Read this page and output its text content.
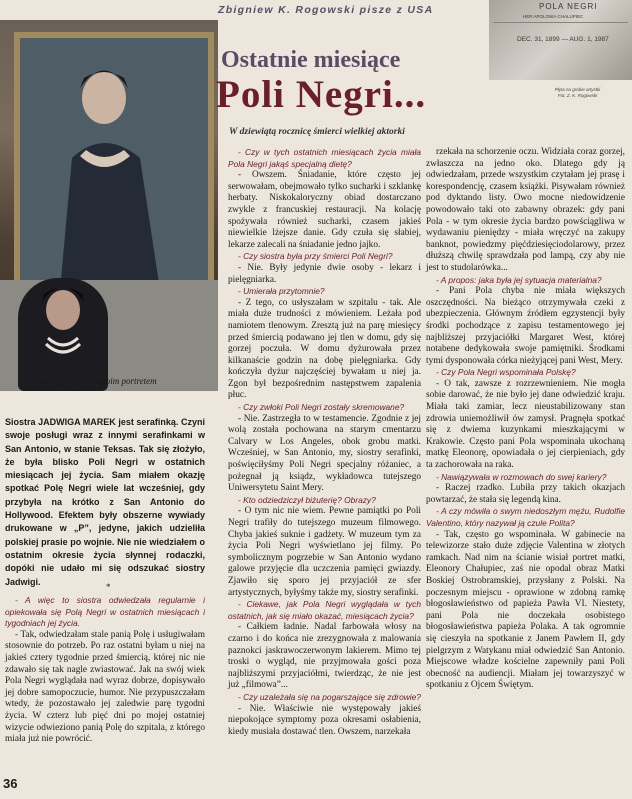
Zbigniew K. Rogowski pisze z USA	POLA NEGRI
HER APOLONIA CHALUPIEC
DEC. 31, 1899 — AUG. 1, 1987
Płyta na grobie artystki
Fot. Z. K. Rogowski
Pola Negri przed swoim portretem
Ostatnie miesiące
Poli Negri...
W dziewiątą rocznicę śmierci wielkiej aktorki
Siostra JADWIGA MAREK jest serafinką. Czyni swoje posługi wraz z innymi serafinkami w San Antonio, w stanie Teksas. Tak się złożyło, że była blisko Poli Negri w ostatnich miesiącach jej życia. Sam miałem okazję spotkać Polę Negri wiele lat wcześniej, gdy przybyła na krótko z San Antonio do Hollywood. Efektem były obszerne wywiady drukowane w „P”, jedyne, jakich udzieliła polskiej prasie po wojnie. Nie nie wiedziałem o ostatnim okresie życia słynnej rodaczki, dopóki nie udało mi się odszukać siostry Jadwigi.
*

- A więc to siostra odwiedzała regularnie i opiekowała się Polą Negri w ostatnich miesiącach i tygodniach jej życia.

- Tak, odwiedzałam stale panią Polę i usługiwałam stosownie do potrzeb. Po raz ostatni byłam u niej na jakieś cztery tygodnie przed śmiercią, której nic nie zdawało się tak nagle zwiastować. Jak na swój wiek Pola Negri wyglądała nad wyraz dobrze, dopisywało jej dobre samopoczucie, humor. Nie przypuszczałam wtedy, że pozostawało jej zaledwie parę tygodni życia. W czterz lub pięć dni po mojej ostatniej wizycie odwieziono panią Polę do szpitala, z którego miała już nie powrócić.

- Czy w tych ostatnich miesiącach życia miała Pola Negri jakąś specjalną dietę?

- Owszem. Śniadanie, które często jej serwowałam, obejmowało tylko sucharki i szklankę herbaty. Niskokaloryczny obiad dostarczano zwykle z francuskiej restauracji. Na kolację spożywała również sucharki, czasem jakieś niewielkie lżejsze danie. Gdy czuła się słabiej, lekarze zalecali na śniadanie jedno jajko.

- Czy siostra była przy śmierci Poli Negri?

- Nie. Były jedynie dwie osoby - lekarz i pielęgniarka.

- Umierała przytomnie?

- Z tego, co usłyszałam w szpitalu - tak. Ale miała duże trudności z mówieniem. Leżała pod namiotem tlenowym. Zresztą już na parę miesięcy przed śmiercią podawano jej tlen w domu, gdy się gorzej poczuła. W domu dyżurowała przez kilkanaście godzin na dobę pielęgniarka. Gdy kończyła dyżur najczęściej bywałam u niej ja. Zgon był bezpośrednim następstwem zapalenia płuc.

- Czy zwłoki Poli Negri zostały skremowane?

- Nie. Zastrzegła to w testamencie. Zgodnie z jej wolą została pochowana na starym cmentarzu Calvary w Los Angeles, obok grobu matki. Wcześniej, w San Antonio, my, siostry serafinki, poświęciłyśmy Poli Negri specjalny różaniec, a pożegnał ją ksiądz, wykładowca tutejszego Uniwersytetu Saint Mery.

- Kto odziedziczył biżuterię? Obrazy?

- O tym nic nie wiem. Pewne pamiątki po Poli Negri trafiły do tutejszego muzeum filmowego. Chyba jakieś suknie i gadżety. W muzeum tym za życia Poli Negri wyświetlano jej filmy. Po symbolicznym pogrzebie w San Antonio wydano galowe przyjęcie dla uczczenia pamięci gwiazdy. Zjawiło się sporo jej przyjaciół ze sfer artystycznych, byłyśmy także my, siostry serafinki.

- Ciekawe, jak Pola Negri wyglądała w tych ostatnich, jak się miało okazać, miesiącach życia?

- Całkiem ładnie. Nadal farbowała włosy na czarno i do końca nie zrezygnowała z malowania paznokci jaskrawoczerwonym lakierem. Mimo tej troski o wygląd, nie przyjmowała gości poza najbliższymi przyjaciółmi, twierdząc, że nie jest już „filmowa”...

- Czy uzależała się na pogarszające się zdrowie?

- Nie. Właściwie nie występowały jakieś niepokojące symptomy poza okresami osłabienia, kiedy musiała dostawać tlen. Owszem, narzekała

rzekała na schorzenie oczu. Widziała coraz gorzej, zwłaszcza na jedno oko. Dlatego gdy ją odwiedzałam, przede wszystkim czytałam jej prasę i korespondencję, czasem książki. Pisywałam również pod dyktando listy. Owo mocne niedowidzenie powodowało taki oto zabawny obrazek: gdy pani Pola - w tym okresie życia bardzo powściągliwa w wydawaniu pieniędzy - miała wręczyć na zakupy banknot, powiedzmy pięćdziesięciodolarowy, przez dłuższą chwilę sprawdzała pod lampą, czy aby nie jest to studolarówka...

- A propos: jaka była jej sytuacja materialna?

- Pani Pola chyba nie miała większych oszczędności. Na bieżąco otrzymywała czeki z ubezpieczenia. Głównym źródłem egzystencji były środki pochodzące z zapisu testamentowego jej najbliższej przyjaciółki Margaret West, której notabene dedykowała swoje pamiętniki. Środkami tymi dysponowała córka nieżyjącej pani West, Mery.

- Czy Pola Negri wspominała Polskę?

- O tak, zawsze z rozrzewnieniem. Nie mogła sobie darować, że nie było jej dane odwiedzić kraju. Miała taki zamiar, lecz nieustabilizowany stan zdrowia uniemożliwił ów zamysł. Pragnęła spotkać się z dwiema kuzynkami mieszkającymi w Krakowie. Często pani Pola wspominała ukochaną matkę Eleonorę, opowiadała o jej cierpieniach, gdy ta zachorowała na raka.

- Nawiązywała w rozmowach do swej kariery?

- Raczej rzadko. Lubiła przy takich okazjach powtarzać, że stała się legendą kina.

- A czy mówiła o swym niedoszłym mężu, Rudolfie Valentino, który nazywał ją czule Polita?

- Tak, często go wspominała. W gabinecie na telewizorze stało duże zdjęcie Valentina w złotych ramkach. Nad nim na ścianie wisiał portret matki, Eleonory Chałupiec, zaś nie opodal obraz Matki Boskiej Ostrobramskiej, przysłany z Polski. Na poczesnym miejscu - oprawione w zdobną ramkę błogosławieństwo od papieża Pawła VI. Niestety, pani Pola nie doczekała osobistego błogosławieństwa papieża Polaka. A tak ogromnie się cieszyła na spotkanie z Janem Pawłem II, gdy pielgrzym z Watykanu miał odwiedzić San Antonio. Miejscowe władze kościelne zapewniły pani Poli obecność na audiencji. Miałam jej towarzyszyć w spotkaniu z Ojcem Świętym.

36
